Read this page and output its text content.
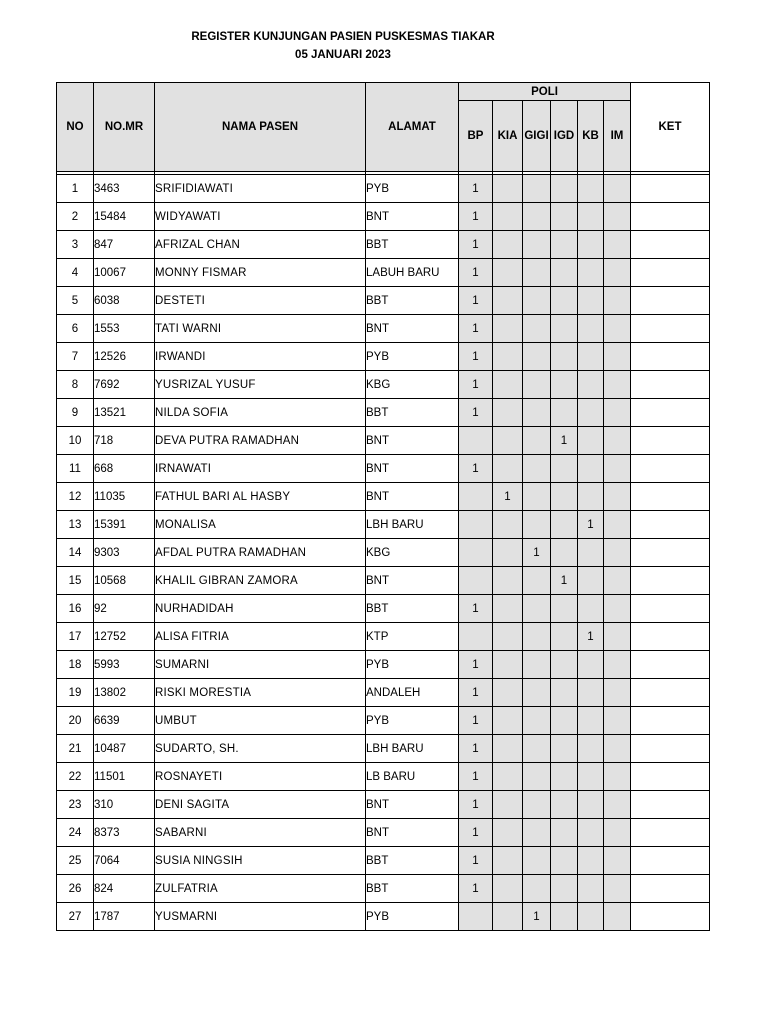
REGISTER KUNJUNGAN PASIEN PUSKESMAS TIAKAR
05 JANUARI 2023
NO	NO.MR	NAMA PASEN	ALAMAT	POLI						KET
				BP	KIA	GIGI	IGD	KB	IM	

1	3463	SRIFIDIAWATI	PYB	1						
2	15484	WIDYAWATI	BNT	1						
3	847	AFRIZAL CHAN	BBT	1						
4	10067	MONNY FISMAR	LABUH BARU	1						
5	6038	DESTETI	BBT	1						
6	1553	TATI WARNI	BNT	1						
7	12526	IRWANDI	PYB	1						
8	7692	YUSRIZAL YUSUF	KBG	1						
9	13521	NILDA SOFIA	BBT	1						
10	718	DEVA PUTRA RAMADHAN	BNT				1			
11	668	IRNAWATI	BNT	1						
12	11035	FATHUL BARI AL HASBY	BNT		1					
13	15391	MONALISA	LBH BARU					1		
14	9303	AFDAL PUTRA RAMADHAN	KBG			1				
15	10568	KHALIL GIBRAN ZAMORA	BNT				1			
16	92	NURHADIDAH	BBT	1						
17	12752	ALISA FITRIA	KTP					1		
18	5993	SUMARNI	PYB	1						
19	13802	RISKI MORESTIA	ANDALEH	1						
20	6639	UMBUT	PYB	1						
21	10487	SUDARTO, SH.	LBH BARU	1						
22	11501	ROSNAYETI	LB BARU	1						
23	310	DENI SAGITA	BNT	1						
24	8373	SABARNI	BNT	1						
25	7064	SUSIA NINGSIH	BBT	1						
26	824	ZULFATRIA	BBT	1						
27	1787	YUSMARNI	PYB			1				
